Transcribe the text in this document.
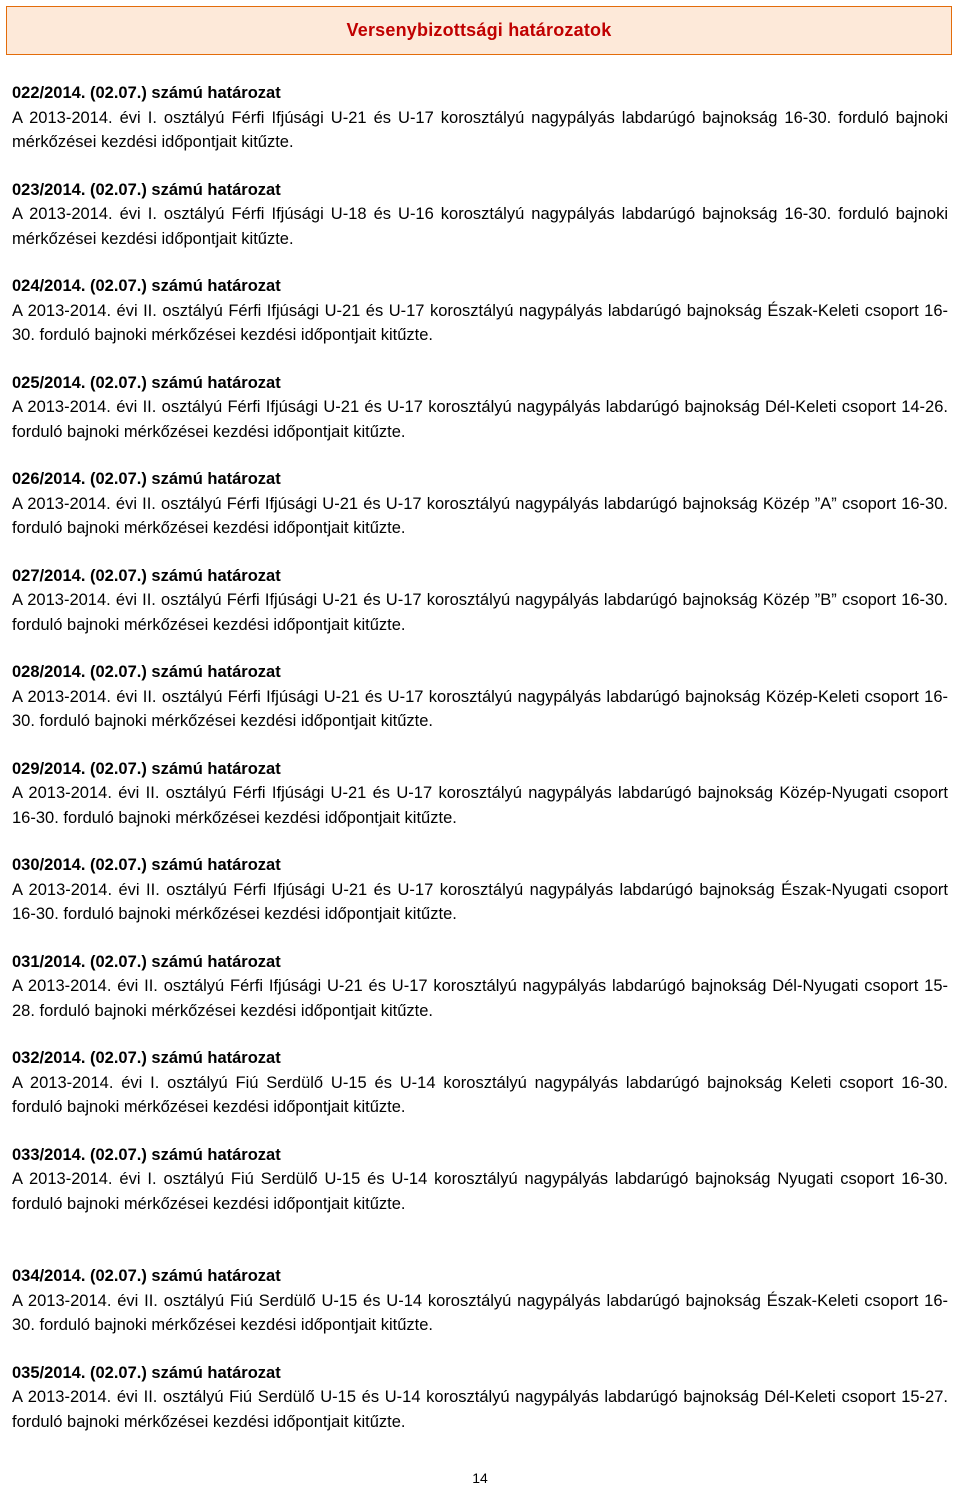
Versenybizottsági határozatok
022/2014. (02.07.) számú határozat
A 2013-2014. évi I. osztályú Férfi Ifjúsági U-21 és U-17 korosztályú nagypályás labdarúgó bajnokság 16-30. forduló bajnoki mérkőzései kezdési időpontjait kitűzte.
023/2014. (02.07.) számú határozat
A 2013-2014. évi I. osztályú Férfi Ifjúsági U-18 és U-16 korosztályú nagypályás labdarúgó bajnokság 16-30. forduló bajnoki mérkőzései kezdési időpontjait kitűzte.
024/2014. (02.07.) számú határozat
A 2013-2014. évi II. osztályú Férfi Ifjúsági U-21 és U-17 korosztályú nagypályás labdarúgó bajnokság Észak-Keleti csoport 16-30. forduló bajnoki mérkőzései kezdési időpontjait kitűzte.
025/2014. (02.07.) számú határozat
A 2013-2014. évi II. osztályú Férfi Ifjúsági U-21 és U-17 korosztályú nagypályás labdarúgó bajnokság Dél-Keleti csoport 14-26. forduló bajnoki mérkőzései kezdési időpontjait kitűzte.
026/2014. (02.07.) számú határozat
A 2013-2014. évi II. osztályú Férfi Ifjúsági U-21 és U-17 korosztályú nagypályás labdarúgó bajnokság Közép ”A” csoport 16-30. forduló bajnoki mérkőzései kezdési időpontjait kitűzte.
027/2014. (02.07.) számú határozat
A 2013-2014. évi II. osztályú Férfi Ifjúsági U-21 és U-17 korosztályú nagypályás labdarúgó bajnokság Közép ”B” csoport 16-30. forduló bajnoki mérkőzései kezdési időpontjait kitűzte.
028/2014. (02.07.) számú határozat
A 2013-2014. évi II. osztályú Férfi Ifjúsági U-21 és U-17 korosztályú nagypályás labdarúgó bajnokság Közép-Keleti csoport 16-30. forduló bajnoki mérkőzései kezdési időpontjait kitűzte.
029/2014. (02.07.) számú határozat
A 2013-2014. évi II. osztályú Férfi Ifjúsági U-21 és U-17 korosztályú nagypályás labdarúgó bajnokság Közép-Nyugati csoport 16-30. forduló bajnoki mérkőzései kezdési időpontjait kitűzte.
030/2014. (02.07.) számú határozat
A 2013-2014. évi II. osztályú Férfi Ifjúsági U-21 és U-17 korosztályú nagypályás labdarúgó bajnokság Észak-Nyugati csoport 16-30. forduló bajnoki mérkőzései kezdési időpontjait kitűzte.
031/2014. (02.07.) számú határozat
A 2013-2014. évi II. osztályú Férfi Ifjúsági U-21 és U-17 korosztályú nagypályás labdarúgó bajnokság Dél-Nyugati csoport 15-28. forduló bajnoki mérkőzései kezdési időpontjait kitűzte.
032/2014. (02.07.) számú határozat
A 2013-2014. évi I. osztályú Fiú Serdülő U-15 és U-14 korosztályú nagypályás labdarúgó bajnokság Keleti csoport 16-30. forduló bajnoki mérkőzései kezdési időpontjait kitűzte.
033/2014. (02.07.) számú határozat
A 2013-2014. évi I. osztályú Fiú Serdülő U-15 és U-14 korosztályú nagypályás labdarúgó bajnokság Nyugati csoport 16-30. forduló bajnoki mérkőzései kezdési időpontjait kitűzte.
034/2014. (02.07.) számú határozat
A 2013-2014. évi II. osztályú Fiú Serdülő U-15 és U-14 korosztályú nagypályás labdarúgó bajnokság Észak-Keleti csoport 16-30. forduló bajnoki mérkőzései kezdési időpontjait kitűzte.
035/2014. (02.07.) számú határozat
A 2013-2014. évi II. osztályú Fiú Serdülő U-15 és U-14 korosztályú nagypályás labdarúgó bajnokság Dél-Keleti csoport 15-27. forduló bajnoki mérkőzései kezdési időpontjait kitűzte.
14
